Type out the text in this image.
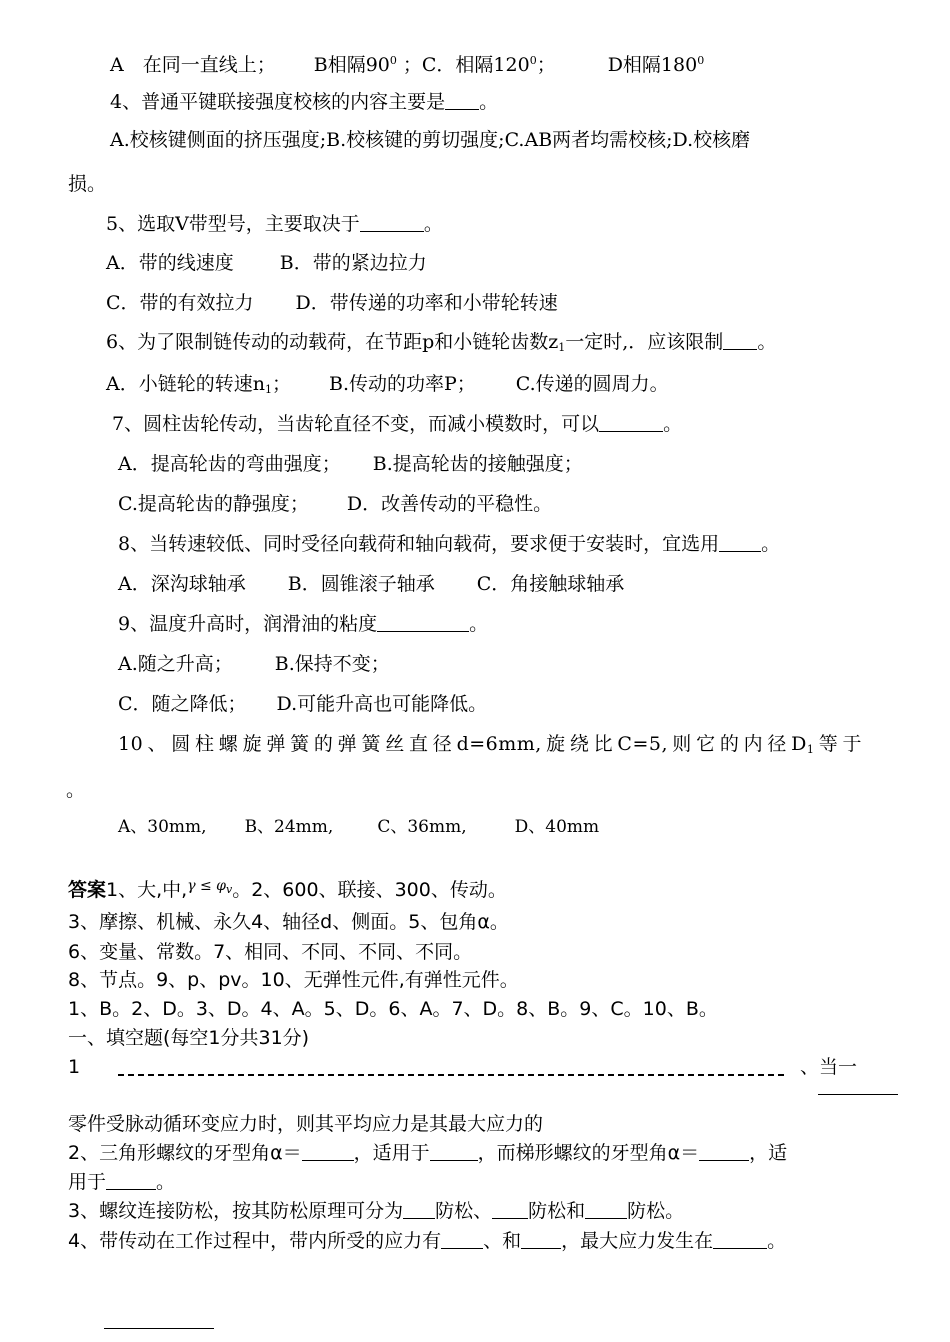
A　在同一直线上； B相隔$90^0$ ；C．相隔$120^0$；	D相隔$180^0$
4、普通平键联接强度校核的内容主要是 。
A.校核键侧面的挤压强度;B.校核键的剪切强度;C.AB两者均需校核;D.校核磨
损。
5、选取V带型号，主要取决于	。
A．带的线速度 B．带的紧边拉力
C．带的有效拉力 D．带传递的功率和小带轮转速
6、为了限制链传动的动载荷，在节距p和小链轮齿数$z_1$一定时,．应该限制 。
A．小链轮的转速$n_1$； B.传动的功率P； C.传递的圆周力。
7、圆柱齿轮传动，当齿轮直径不变，而减小模数时，可以	。
A．提高轮齿的弯曲强度； B.提高轮齿的接触强度；
C.提高轮齿的静强度； D．改善传动的平稳性。
8、当转速较低、同时受径向载荷和轴向载荷，要求便于安装时，宜选用 。
A．深沟球轴承 B．圆锥滚子轴承 C．角接触球轴承
9、温度升高时，润滑油的粘度	。
A.随之升高； B.保持不变；
C．随之降低； D.可能升高也可能降低。
10、圆柱螺旋弹簧的弹簧丝直径d=6mm,旋绕比C=5,则它的内径$D_1$等于
。
A、30mm, B、24mm,	C、36mm,	D、40mm
答案1、大,中,$^{\gamma \le \varphi_v}$。2、600、联接、300、传动。
3、摩擦、机械、永久4、轴径d、侧面。5、包角α。
6、变量、常数。7、相同、不同、不同、不同。
8、节点。9、p、pv。10、无弹性元件,有弹性元件。
1、B。2、D。3、D。4、A。5、D。6、A。7、D。8、B。9、C。10、B。
一、填空题(每空1分共31分)
1	、当一
零件受脉动循环变应力时，则其平均应力是其最大应力的
2、三角形螺纹的牙型角α＝	，适用于	，而梯形螺纹的牙型角α＝	，适
用于	。
3、螺纹连接防松，按其防松原理可分为 防松、 防松和 防松。
4、带传动在工作过程中，带内所受的应力有 、和 ，最大应力发生在	。
